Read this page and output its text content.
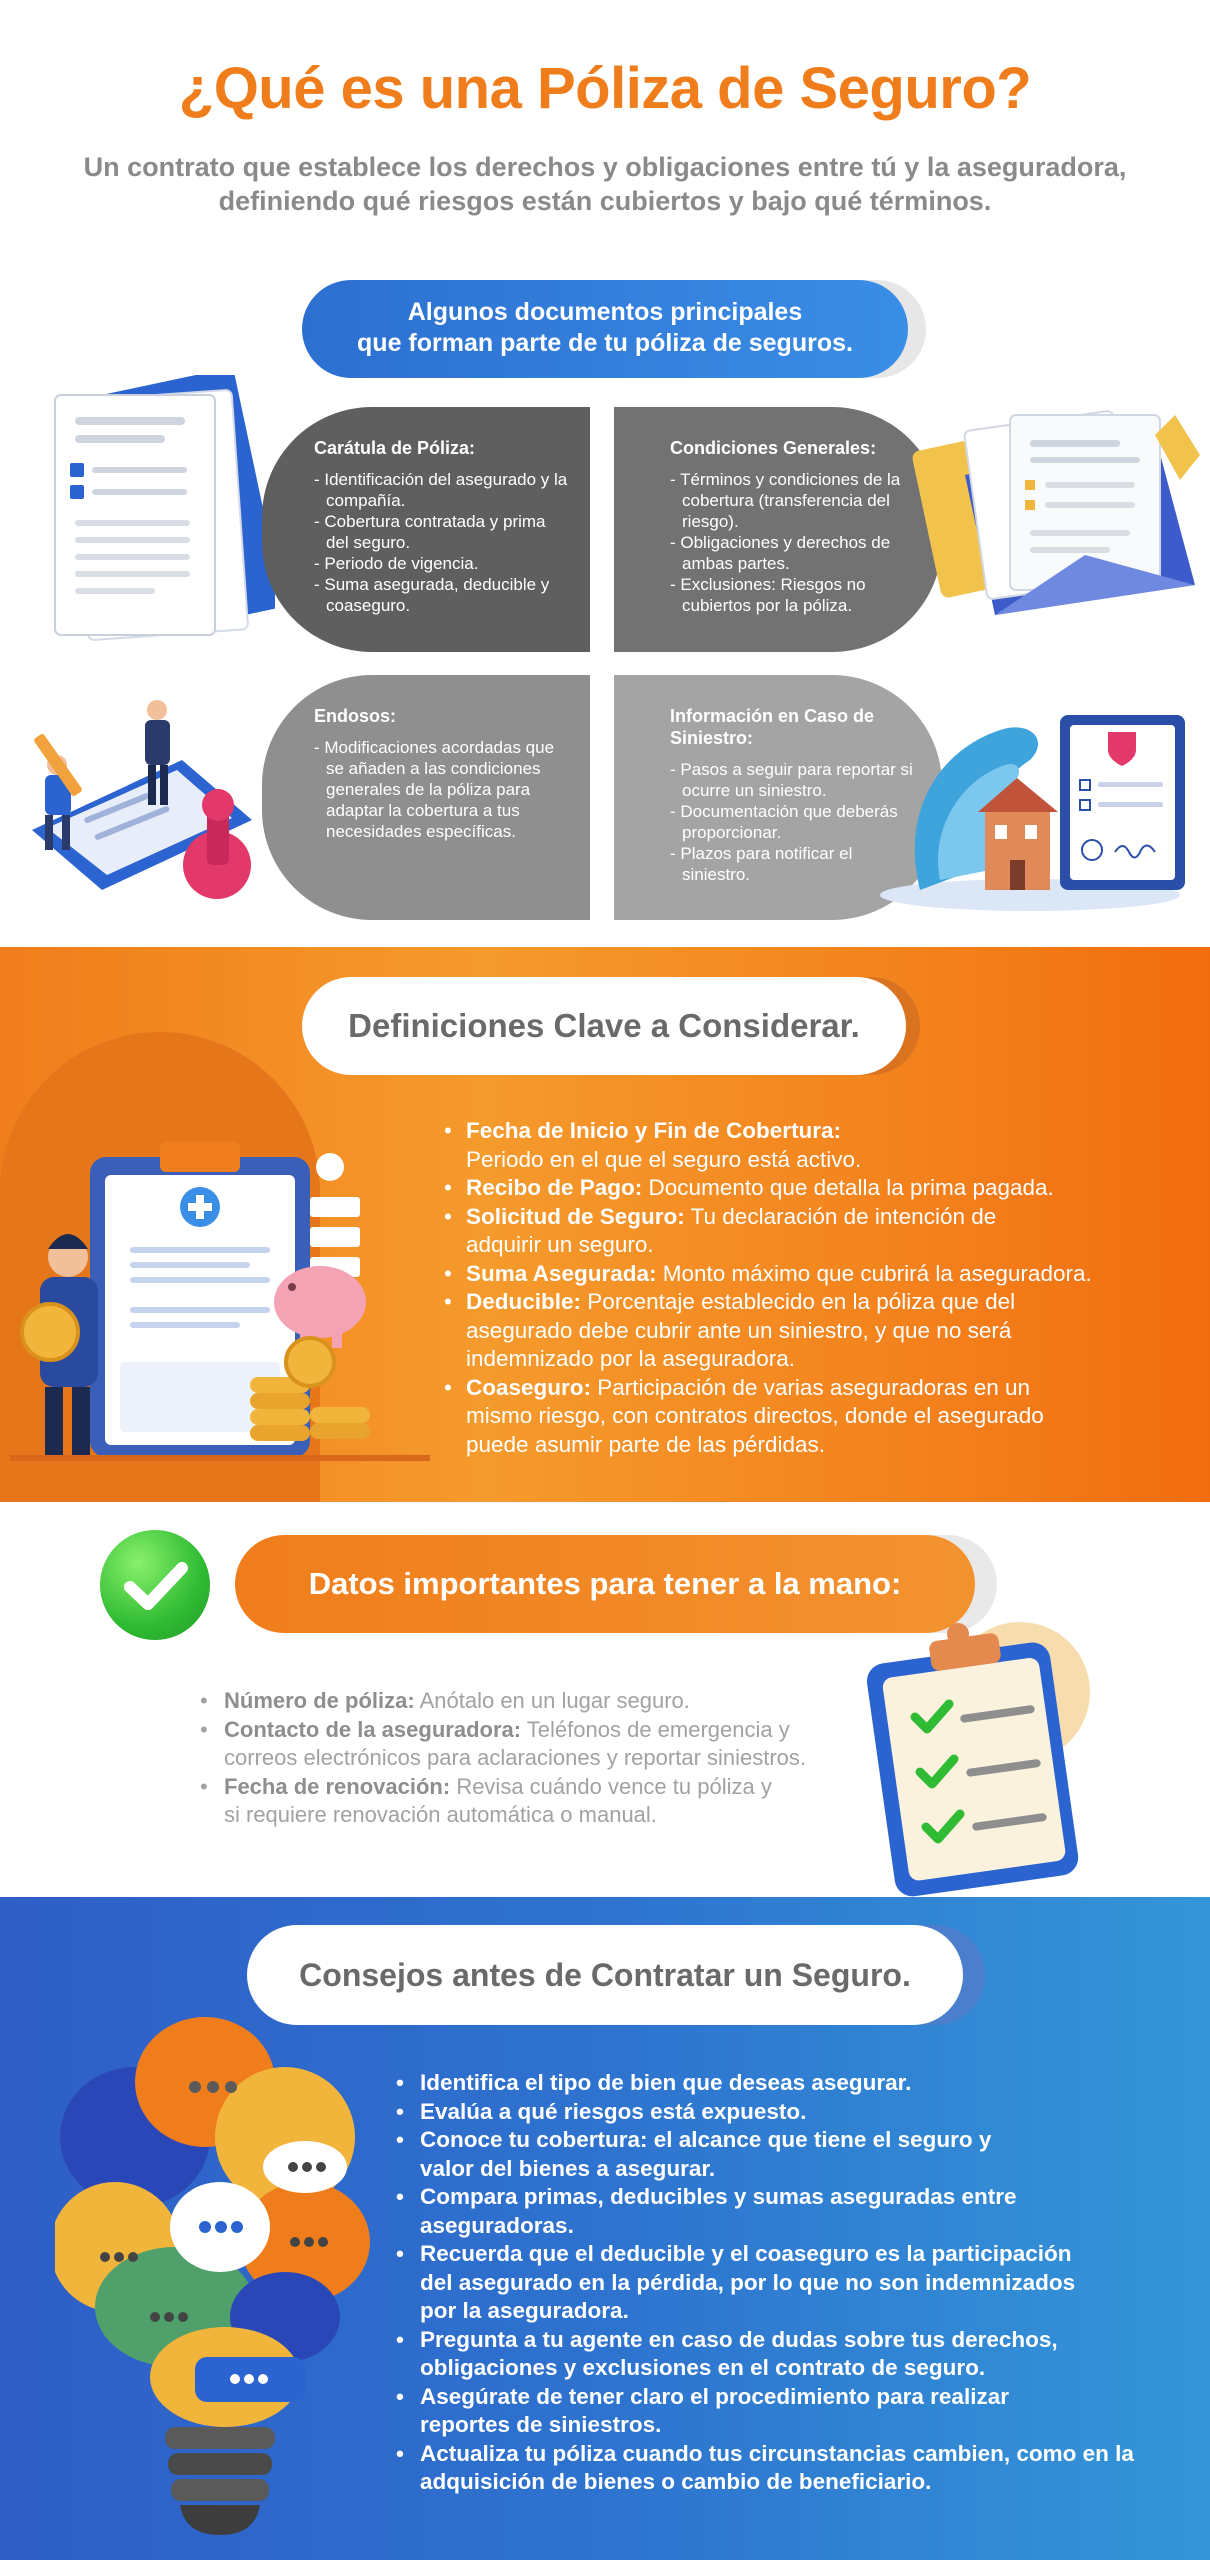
¿Qué es una Póliza de Seguro?

Un contrato que establece los derechos y obligaciones entre tú y la aseguradora, definiendo qué riesgos están cubiertos y bajo qué términos.

Algunos documentos principales
que forman parte de tu póliza de seguros.
Carátula de Póliza:
- Identificación del asegurado y la compañía.
- Cobertura contratada y prima del seguro.
- Periodo de vigencia.
- Suma asegurada, deducible y coaseguro.
Condiciones Generales:
- Términos y condiciones de la cobertura (transferencia del riesgo).
- Obligaciones y derechos de ambas partes.
- Exclusiones: Riesgos no cubiertos por la póliza.
Endosos:
- Modificaciones acordadas que se añaden a las condiciones generales de la póliza para adaptar la cobertura a tus necesidades específicas.
Información en Caso de Siniestro:
- Pasos a seguir para reportar si ocurre un siniestro.
- Documentación que deberás proporcionar.
- Plazos para notificar el siniestro.
Definiciones Clave a Considerar.
• Fecha de Inicio y Fin de Cobertura:
Periodo en el que el seguro está activo.
• Recibo de Pago: Documento que detalla la prima pagada.
• Solicitud de Seguro: Tu declaración de intención de adquirir un seguro.
• Suma Asegurada: Monto máximo que cubrirá la aseguradora.
• Deducible: Porcentaje establecido en la póliza que del asegurado debe cubrir ante un siniestro, y que no será indemnizado por la aseguradora.
• Coaseguro: Participación de varias aseguradoras en un mismo riesgo, con contratos directos, donde el asegurado puede asumir parte de las pérdidas.
Datos importantes para tener a la mano:
• Número de póliza: Anótalo en un lugar seguro.
• Contacto de la aseguradora: Teléfonos de emergencia y correos electrónicos para aclaraciones y reportar siniestros.
• Fecha de renovación: Revisa cuándo vence tu póliza y si requiere renovación automática o manual.
Consejos antes de Contratar un Seguro.
• Identifica el tipo de bien que deseas asegurar.
• Evalúa a qué riesgos está expuesto.
• Conoce tu cobertura: el alcance que tiene el seguro y valor del bienes a asegurar.
• Compara primas, deducibles y sumas aseguradas entre aseguradoras.
• Recuerda que el deducible y el coaseguro es la participación del asegurado en la pérdida, por lo que no son indemnizados por la aseguradora.
• Pregunta a tu agente en caso de dudas sobre tus derechos, obligaciones y exclusiones en el contrato de seguro.
• Asegúrate de tener claro el procedimiento para realizar reportes de siniestros.
• Actualiza tu póliza cuando tus circunstancias cambien, como en la adquisición de bienes o cambio de beneficiario.
